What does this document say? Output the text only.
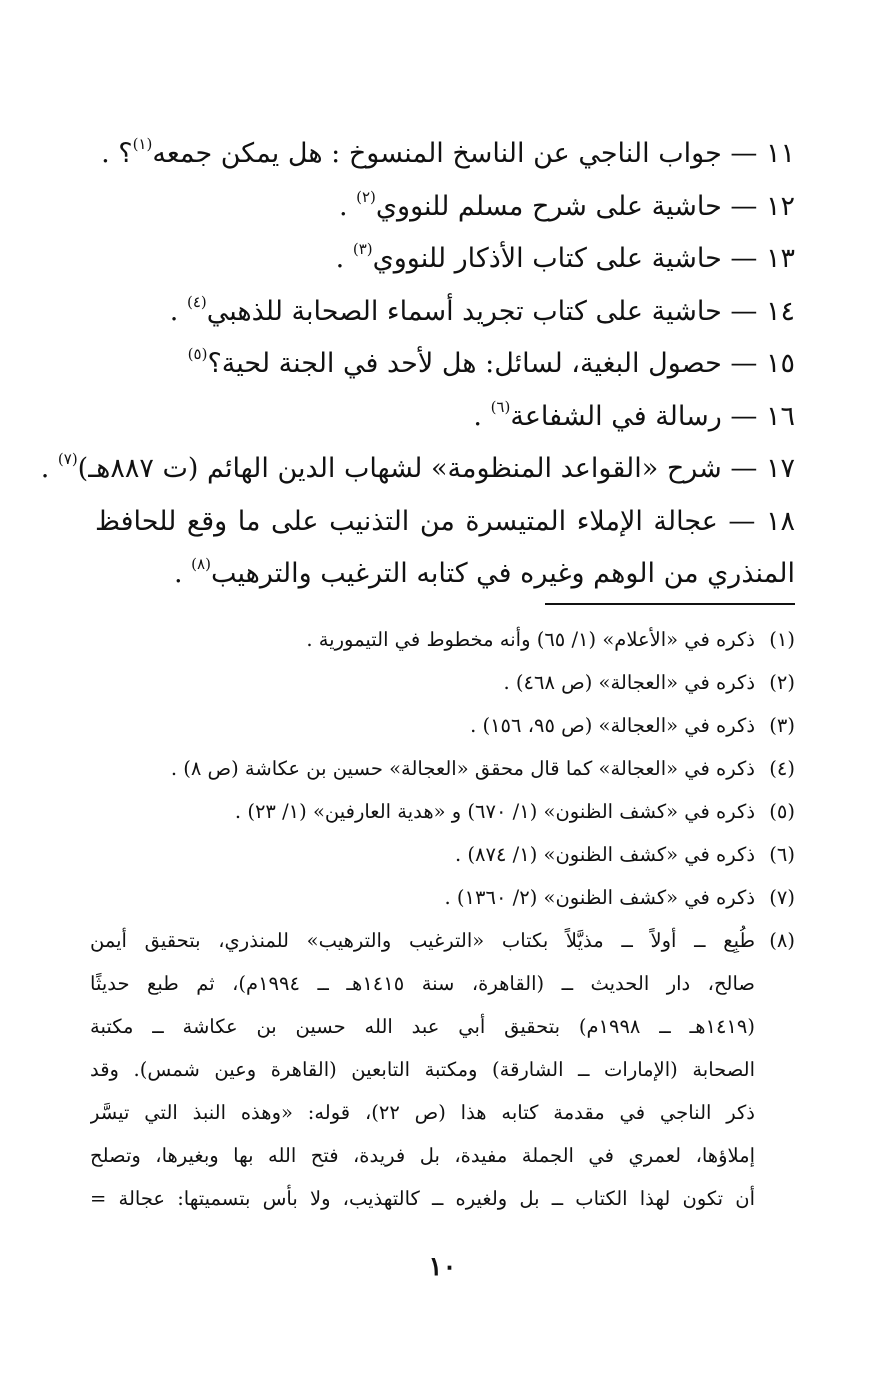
١١ — جواب الناجي عن الناسخ المنسوخ : هل يمكن جمعه$^{(١)}$؟ .
١٢ — حاشية على شرح مسلم للنووي$^{(٢)}$ .
١٣ — حاشية على كتاب الأذكار للنووي$^{(٣)}$ .
١٤ — حاشية على كتاب تجريد أسماء الصحابة للذهبي$^{(٤)}$ .
١٥ — حصول البغية، لسائل: هل لأحد في الجنة لحية؟$^{(٥)}$
١٦ — رسالة في الشفاعة$^{(٦)}$ .
١٧ — شرح «القواعد المنظومة» لشهاب الدين الهائم (ت ٨٨٧هـ)$^{(٧)}$ .
١٨ — عجالة الإملاء المتيسرة من التذنيب على ما وقع للحافظ
المنذري من الوهم وغيره في كتابه الترغيب والترهيب$^{(٨)}$ .
(١)ذكره في «الأعلام» (١/ ٦٥) وأنه مخطوط في التيمورية .
(٢)ذكره في «العجالة» (ص ٤٦٨) .
(٣)ذكره في «العجالة» (ص ٩٥، ١٥٦) .
(٤)ذكره في «العجالة» كما قال محقق «العجالة» حسين بن عكاشة (ص ٨) .
(٥)ذكره في «كشف الظنون» (١/ ٦٧٠) و «هدية العارفين» (١/ ٢٣) .
(٦)ذكره في «كشف الظنون» (١/ ٨٧٤) .
(٧)ذكره في «كشف الظنون» (٢/ ١٣٦٠) .
(٨)
طُبِع ــ أولاً ــ مذيَّلاً بكتاب «الترغيب والترهيب» للمنذري، بتحقيق أيمن
صالح، دار الحديث ــ (القاهرة، سنة ١٤١٥هـ ــ ١٩٩٤م)، ثم طبع حديثًا
(١٤١٩هـ ــ ١٩٩٨م) بتحقيق أبي عبد الله حسين بن عكاشة ــ مكتبة
الصحابة (الإمارات ــ الشارقة) ومكتبة التابعين (القاهرة وعين شمس). وقد
ذكر الناجي في مقدمة كتابه هذا (ص ٢٢)، قوله: «وهذه النبذ التي تيسَّر
إملاؤها، لعمري في الجملة مفيدة، بل فريدة، فتح الله بها وبغيرها، وتصلح
أن تكون لهذا الكتاب ــ بل ولغيره ــ كالتهذيب، ولا بأس بتسميتها: عجالة =
١٠
